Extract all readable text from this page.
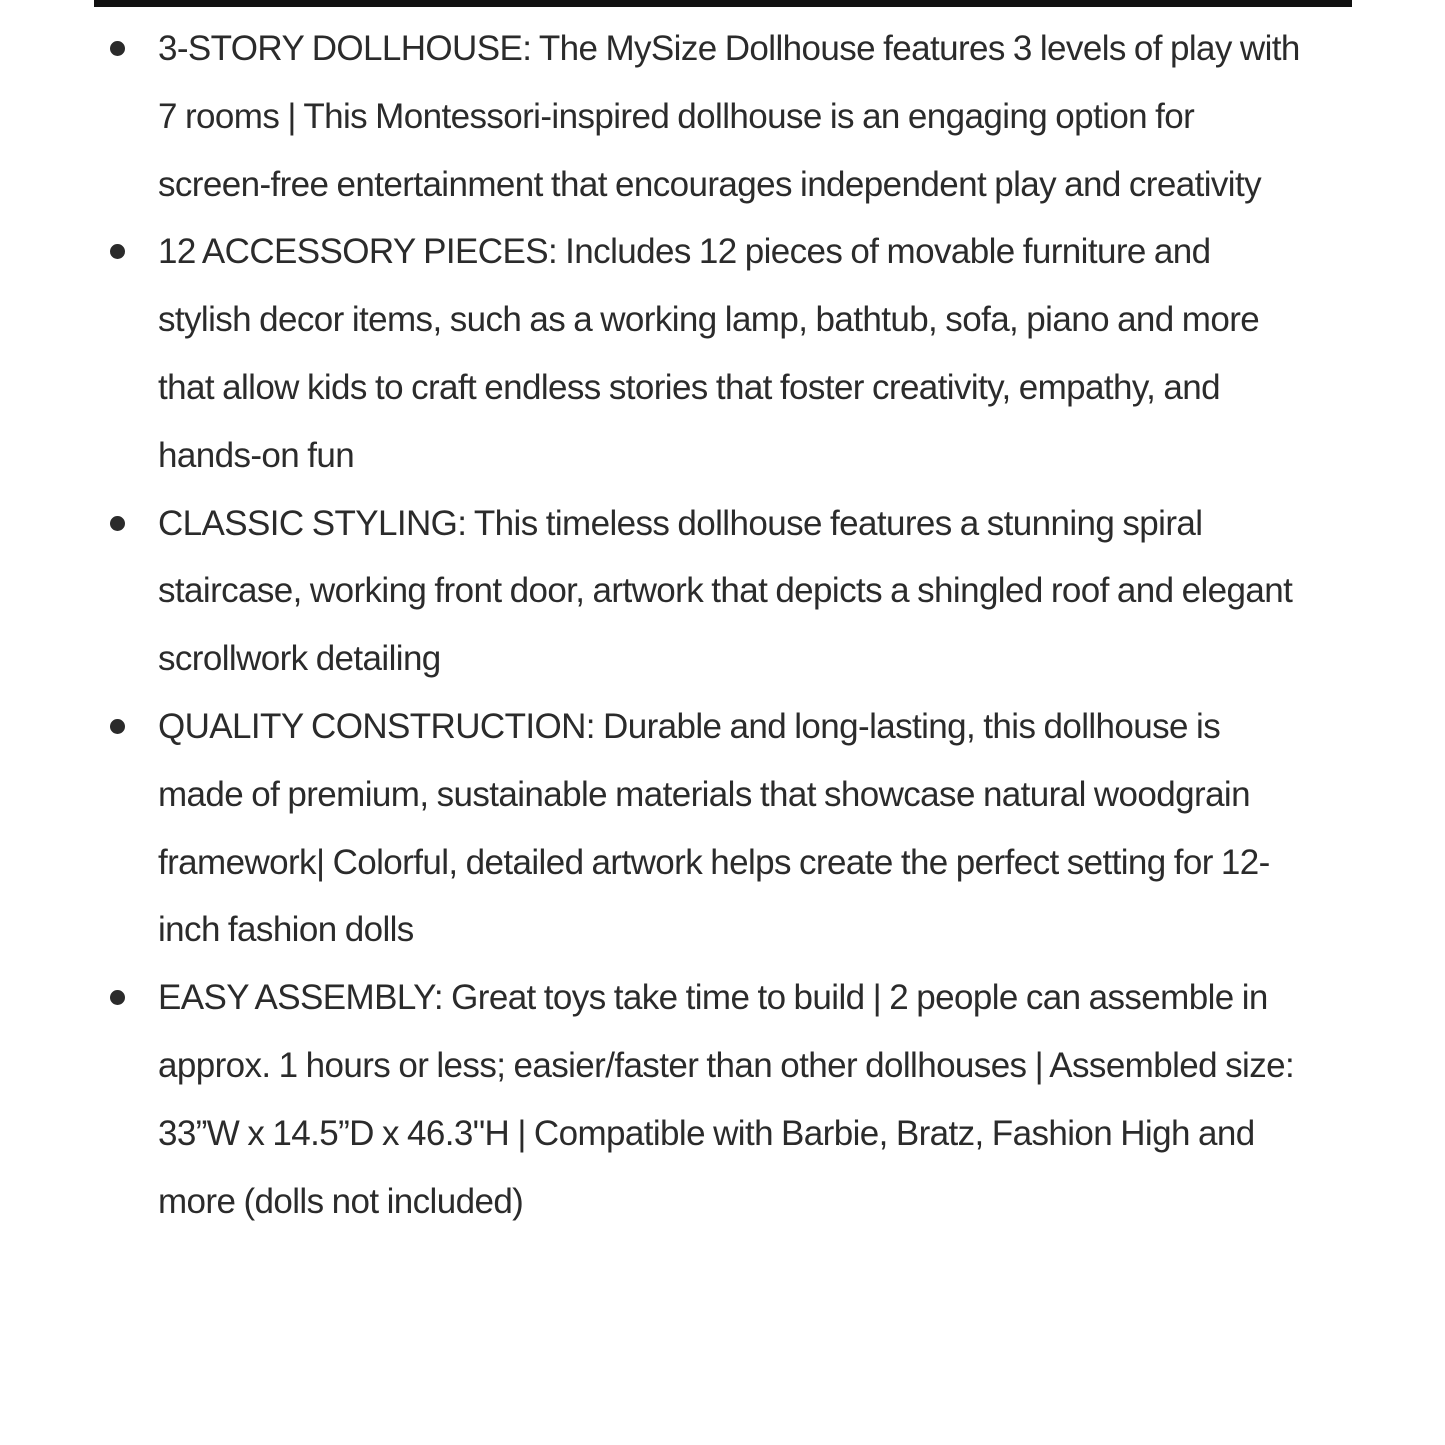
3-STORY DOLLHOUSE: The MySize Dollhouse features 3 levels of play with 7 rooms | This Montessori-inspired dollhouse is an engaging option for screen-free entertainment that encourages independent play and creativity
12 ACCESSORY PIECES: Includes 12 pieces of movable furniture and stylish decor items, such as a working lamp, bathtub, sofa, piano and more that allow kids to craft endless stories that foster creativity, empathy, and hands-on fun
CLASSIC STYLING: This timeless dollhouse features a stunning spiral staircase, working front door, artwork that depicts a shingled roof and elegant scrollwork detailing
QUALITY CONSTRUCTION: Durable and long-lasting, this dollhouse is made of premium, sustainable materials that showcase natural woodgrain framework| Colorful, detailed artwork helps create the perfect setting for 12-inch fashion dolls
EASY ASSEMBLY: Great toys take time to build | 2 people can assemble in approx. 1 hours or less; easier/faster than other dollhouses | Assembled size: 33”W x 14.5”D x 46.3"H | Compatible with Barbie, Bratz, Fashion High and more (dolls not included)
